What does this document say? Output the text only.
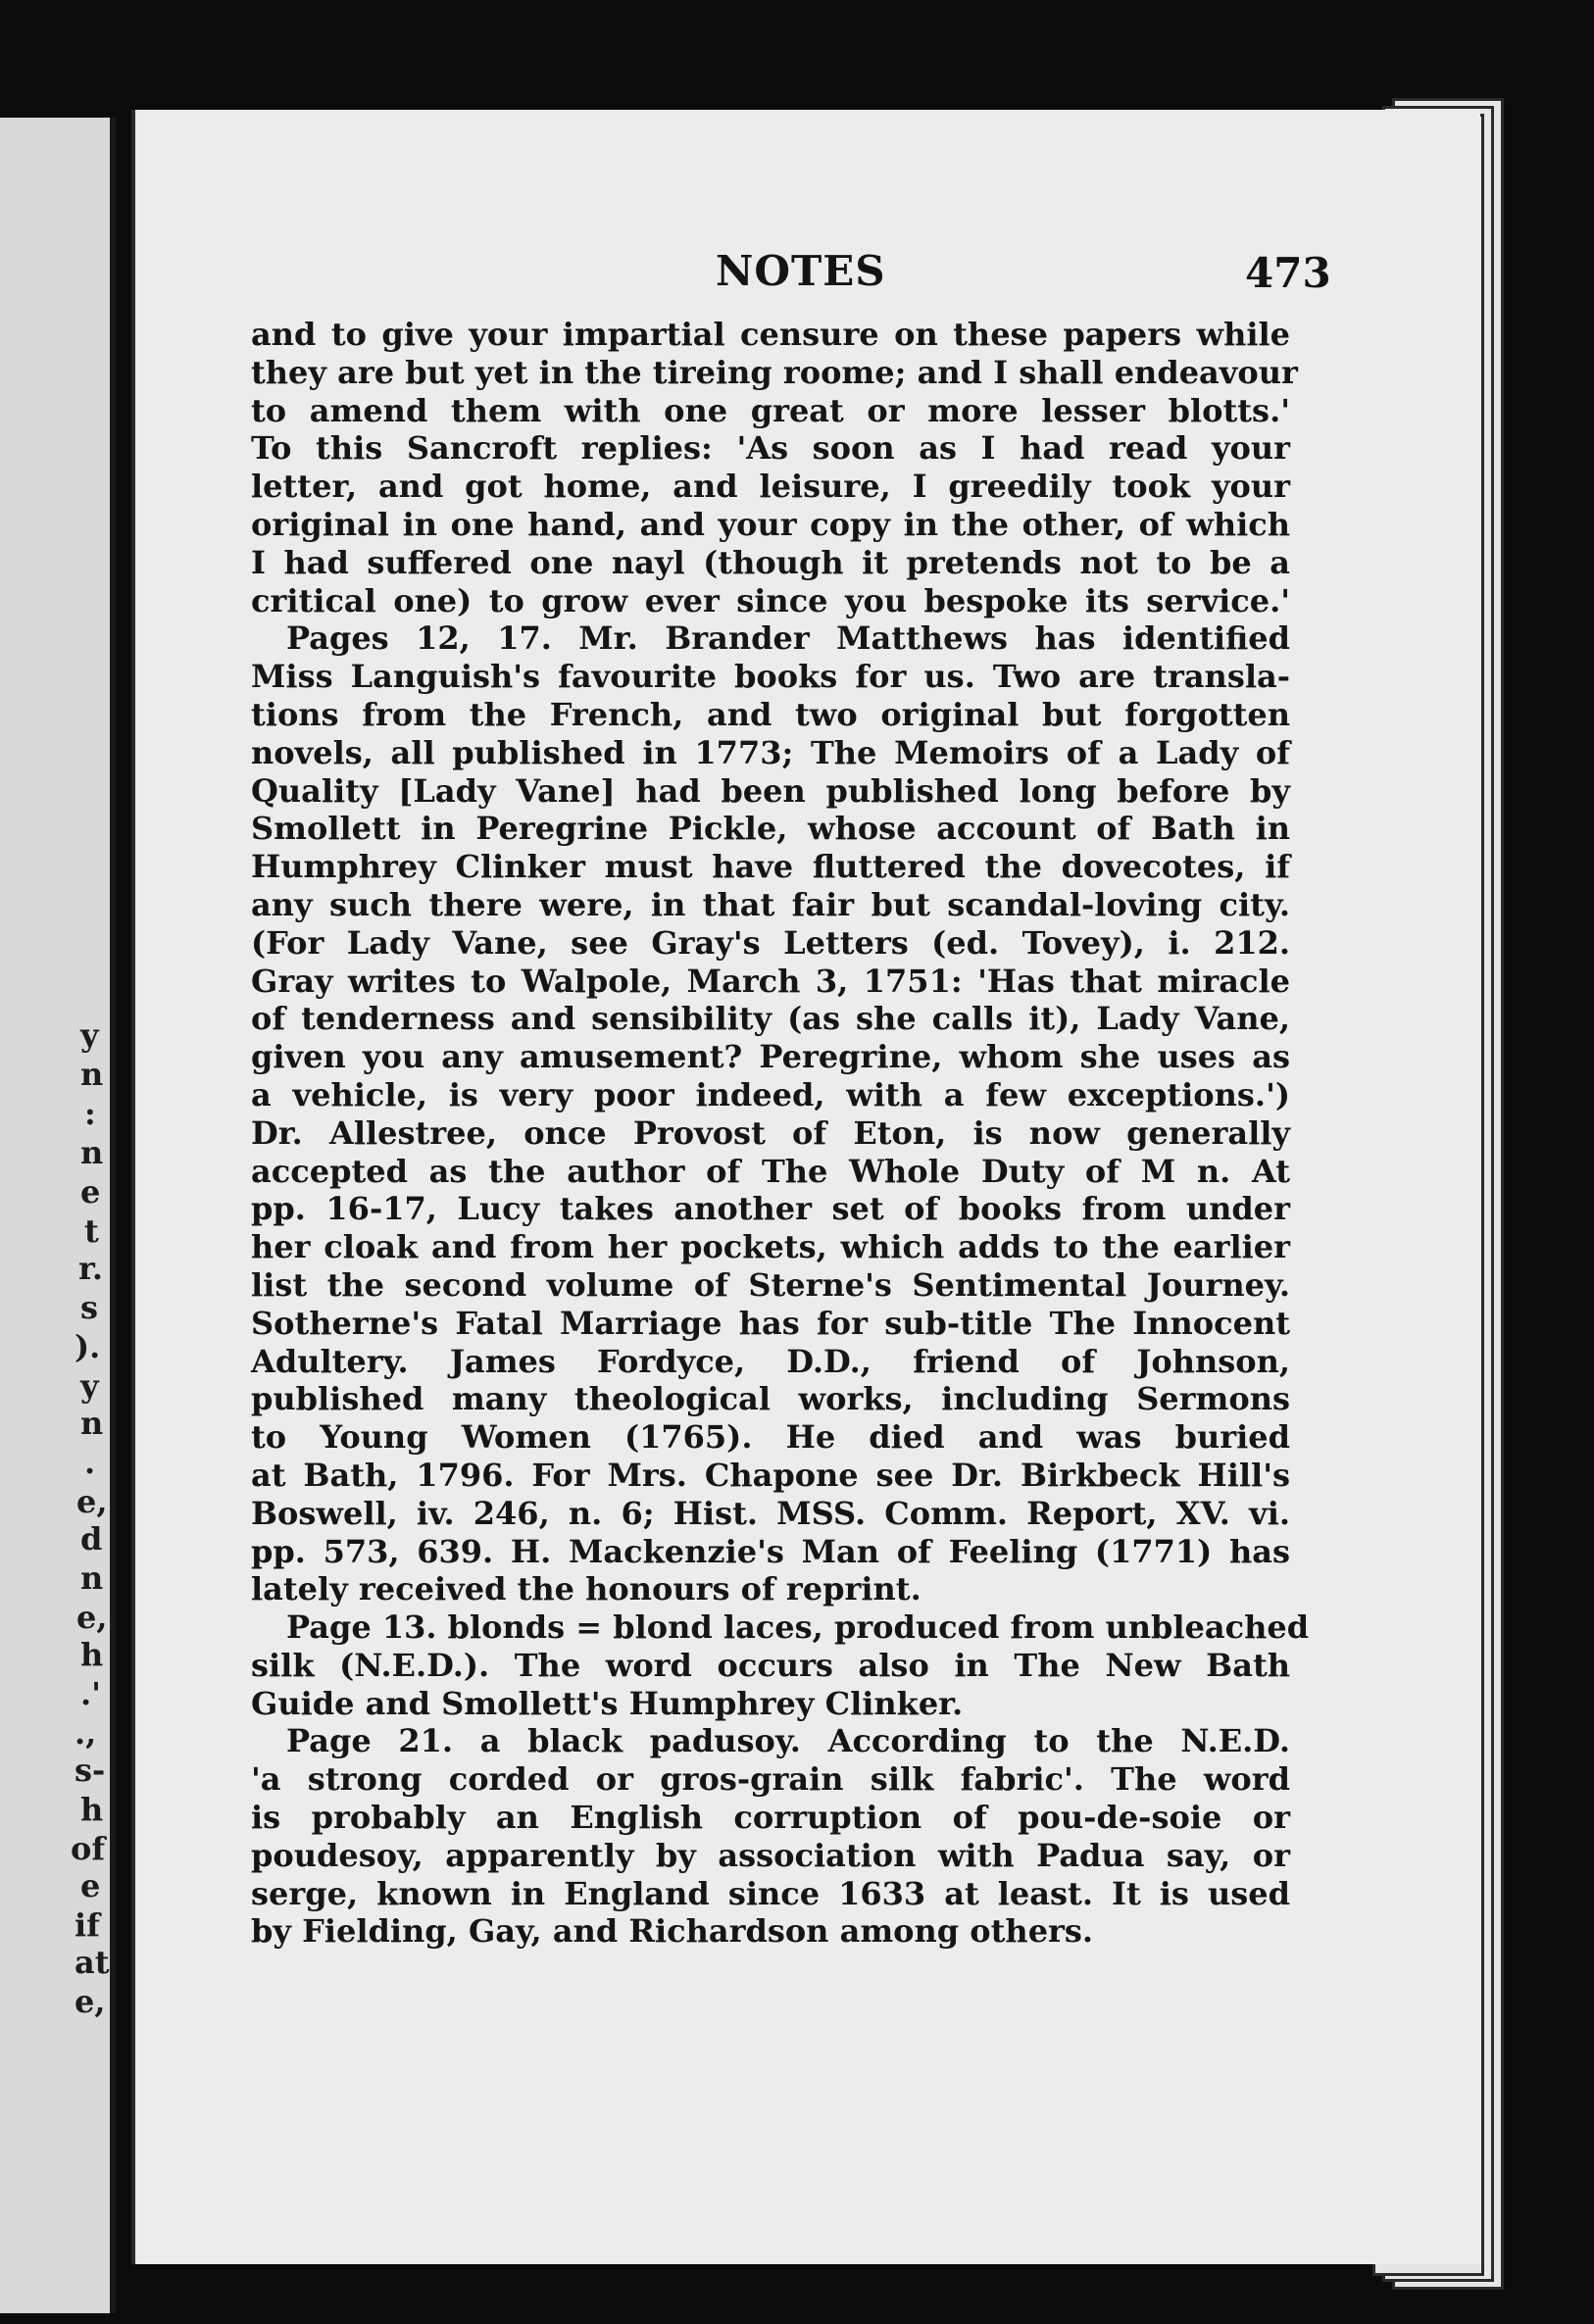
y
n
:
n
e
t
r.
s
).
y
n
.
e,
d
n
e,
h
.'
.,
s-
h
of
e
if
at
e,
NOTES	473
and to give your impartial censure on these papers while
they are but yet in the tireing roome; and I shall endeavour
to amend them with one great or more lesser blotts.'
To this Sancroft replies: 'As soon as I had read your
letter, and got home, and leisure, I greedily took your
original in one hand, and your copy in the other, of which
I had suffered one nayl (though it pretends not to be a
critical one) to grow ever since you bespoke its service.'
Pages 12, 17. Mr. Brander Matthews has identified
Miss Languish's favourite books for us. Two are transla-
tions from the French, and two original but forgotten
novels, all published in 1773; The Memoirs of a Lady of
Quality [Lady Vane] had been published long before by
Smollett in Peregrine Pickle, whose account of Bath in
Humphrey Clinker must have fluttered the dovecotes, if
any such there were, in that fair but scandal-loving city.
(For Lady Vane, see Gray's Letters (ed. Tovey), i. 212.
Gray writes to Walpole, March 3, 1751: 'Has that miracle
of tenderness and sensibility (as she calls it), Lady Vane,
given you any amusement? Peregrine, whom she uses as
a vehicle, is very poor indeed, with a few exceptions.')
Dr. Allestree, once Provost of Eton, is now generally
accepted as the author of The Whole Duty of M n. At
pp. 16-17, Lucy takes another set of books from under
her cloak and from her pockets, which adds to the earlier
list the second volume of Sterne's Sentimental Journey.
Sotherne's Fatal Marriage has for sub-title The Innocent
Adultery. James Fordyce, D.D., friend of Johnson,
published many theological works, including Sermons
to Young Women (1765). He died and was buried
at Bath, 1796. For Mrs. Chapone see Dr. Birkbeck Hill's
Boswell, iv. 246, n. 6; Hist. MSS. Comm. Report, XV. vi.
pp. 573, 639. H. Mackenzie's Man of Feeling (1771) has
lately received the honours of reprint.
Page 13. blonds = blond laces, produced from unbleached
silk (N.E.D.). The word occurs also in The New Bath
Guide and Smollett's Humphrey Clinker.
Page 21. a black padusoy. According to the N.E.D.
'a strong corded or gros-grain silk fabric'. The word
is probably an English corruption of pou-de-soie or
poudesoy, apparently by association with Padua say, or
serge, known in England since 1633 at least. It is used
by Fielding, Gay, and Richardson among others.
